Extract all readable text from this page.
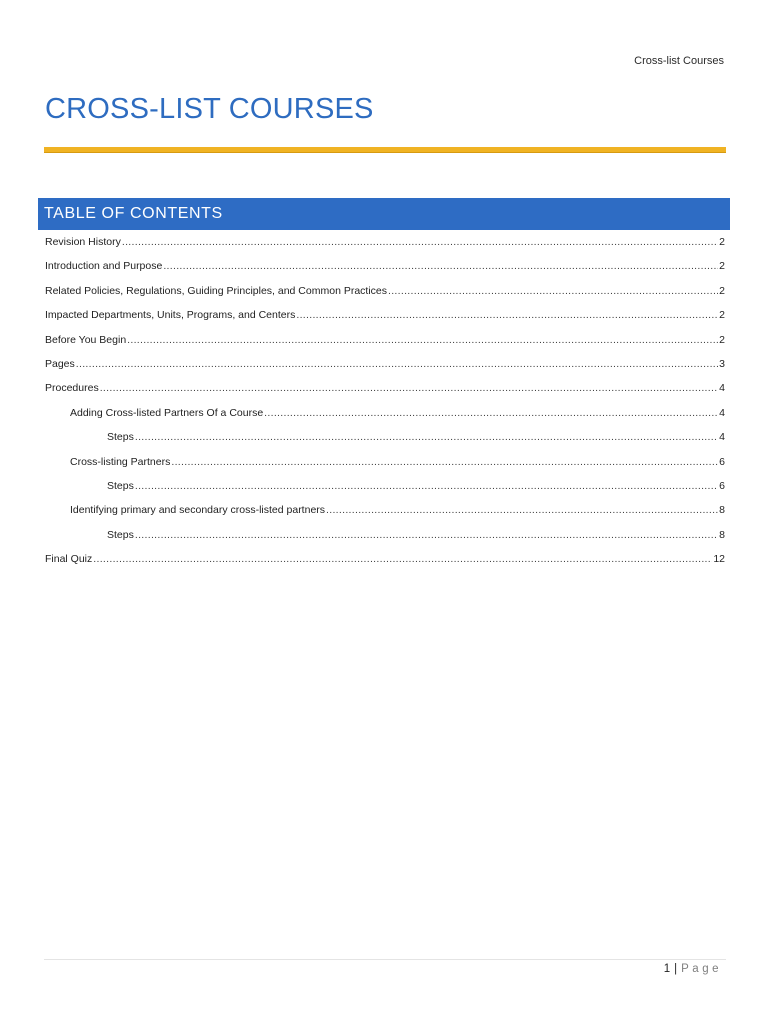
Cross-list Courses
CROSS-LIST COURSES
TABLE OF CONTENTS
Revision History .....	2
Introduction and Purpose .....	2
Related Policies, Regulations, Guiding Principles, and Common Practices .....	2
Impacted Departments, Units, Programs, and Centers .....	2
Before You Begin .....	2
Pages .....	3
Procedures .....	4
Adding Cross-listed Partners Of a Course .....	4
Steps .....	4
Cross-listing Partners .....	6
Steps .....	6
Identifying primary and secondary cross-listed partners .....	8
Steps .....	8
Final Quiz .....	12
1 | Page
